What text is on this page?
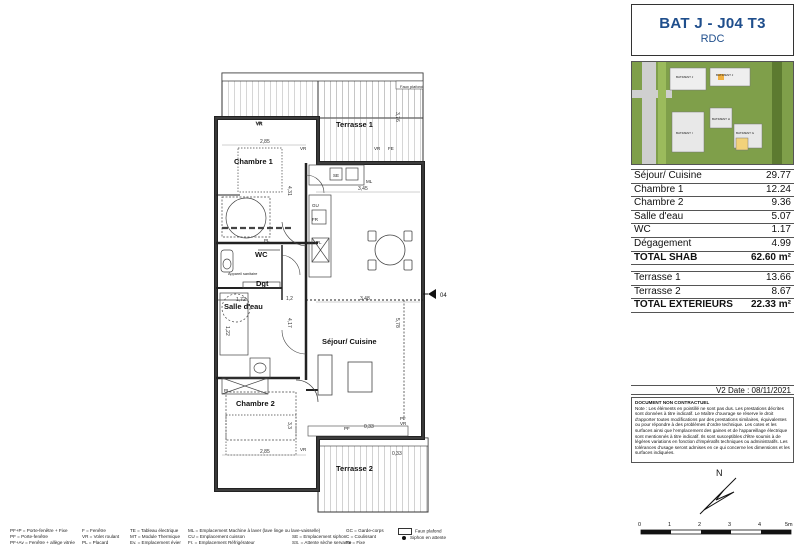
VR
04
Terrasse 1
Terrasse 2
Chambre 1
Chambre 2
WC
Salle d'eau
Dgt
Séjour/ Cuisine
2,85
3,45
3,48
2,85
1,72	1,2
4,31
4,17
3,3
1,22
5,78
3,76
0,33
0,33
VR	VR
VR
VR
FE
SE
ML
GU
FR
PL
PL
PL
Appareil sanitaire
PF
Faux plafond
PF
N
0	1	2	3	4	5m
BAT J - J04 T3
RDC
BATIMENT J	BATIMENT J
BATIMENT I
BATIMENT H
BATIMENT G
Séjour/ Cuisine	29.77
Chambre 1	12.24
Chambre 2	9.36
Salle d'eau	5.07
WC	1.17
Dégagement	4.99
TOTAL SHAB	62.60 m²
Terrasse 1	13.66
Terrasse 2	8.67
TOTAL EXTERIEURS 22.33 m²
V2 Date : 08/11/2021
DOCUMENT NON CONTRACTUEL
Note : Les éléments en pointillé ne sont pas dus. Les prestations décrites sont données à titre indicatif. Le Maître d'ouvrage se réserve le droit d'apporter toutes modifications par des prestations similaires, équivalentes ou pour répondre à des problèmes d'ordre technique. Les cotes et les surfaces ainsi que l'emplacement des gaines et de l'appareillage électrique sont mentionnés à titre indicatif. Ils sont susceptibles d'être soumis à de légères variations en fonction d'impératifs techniques ou administratifs. Les tolérances d'usage seront admises en ce qui concerne les dimensions et les surfaces indiquées.
PF+P = Porte-fenêtre + Fixe
PF = Porte-fenêtre
PF+Av = Fenêtre + allège vitrée
F = Fenêtre
VR = Volet roulant
PL = Placard
TE = Tableau électrique
MT = Module Thermique
Ev. = Emplacement évier
ML = Emplacement Machine à laver (lave linge ou lave-vaisselle)
CU = Emplacement cuisson
Fr. = Emplacement Réfrigérateur

SE = Emplacement siphon
SS. = Attente sèche servante
GC = Garde-corps
C = Coulissant
Fx = Fixe
Faux plafond
Siphon en attente
